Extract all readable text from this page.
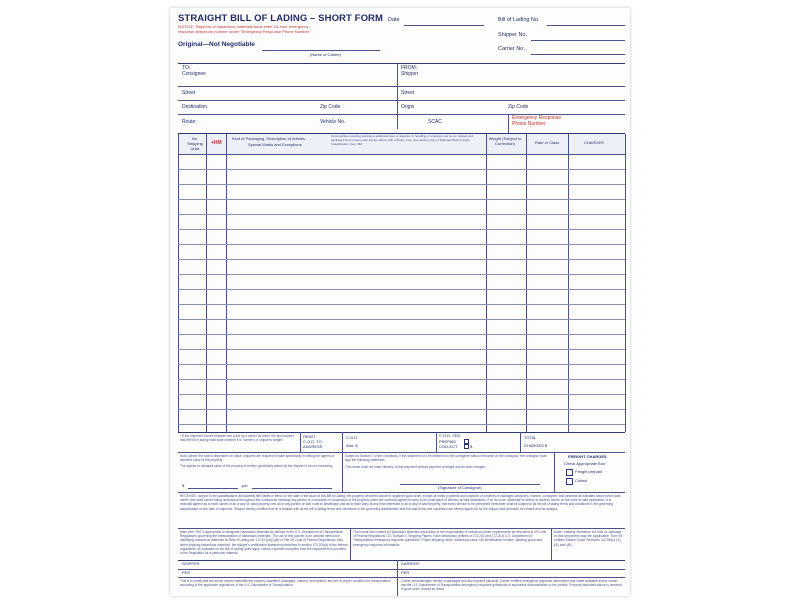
STRAIGHT BILL OF LADING – SHORT FORM
NOTICE: Shippers of hazardous materials must enter 24-hour emergency
response telephone number under "Emergency Response Phone Number."
Original—Not Negotiable
(Name of Carrier)
Date	Bill of Lading No.
Shipper No.
Carrier No.
TO:
Consignee
FROM:
Shipper
Street	Street
Destination	Zip Code	Origin	Zip Code
Route:	Vehicle No.	SCAC
Emergency Response
Phone Number
No. Shipping Units
+HM
Kind of Packaging, Description of Articles
Special Marks and Exceptions
Commodities requiring special or additional care or attention in handling or stowing must be so marked and packaged as to ensure safe transportation with ordinary care. See Section 2(e) of National Motor Freight Classification, Item 360.
Weight (Subject to Correction)	Rate or Class	CHARGES
* If the shipment moves between two ports by a carrier by water, the law requires that the bill of lading shall state whether it is "carrier's or shipper's weight".
REMIT
C.O.D. TO:
ADDRESS
C.O.D.
Amt. $
C.O.D. FEE:
PREPAID
COLLECT	$
TOTAL
CHARGES $
Note–Where the rate is dependent on value, shippers are required to state specifically in writing the agreed or declared value of the property.
The agreed or declared value of the property is hereby specifically stated by the shipper to be not exceeding
Subject to Section 7 of the conditions, if this shipment is to be delivered to the consignee without recourse on the consignor, the consignor shall sign the following statement:
The carrier shall not make delivery of this shipment without payment of freight and all other charges.
FREIGHT CHARGES
Check Appropriate Box:
Freight prepaid
Collect
$	per	(Signature of Consignor)
RECEIVED, subject to the classifications and lawfully filed tariffs in effect on the date of the issue of this Bill of Lading, the property described above in apparent good order, except as noted (contents and condition of contents of packages unknown), marked, consigned, and destined as indicated above which said carrier (the word carrier being understood throughout this contract as meaning any person or corporation in possession of the property under the contract) agrees to carry to its usual place of delivery at said destination, if on its route, otherwise to deliver to another carrier on the route to said destination. It is mutually agreed as to each carrier of all or any of, said property over all or any portion of said route to destination and as to each party at any time interested in all or any of said property, that every service to be performed hereunder shall be subject to all the bill of lading terms and conditions in the governing classification on the date of shipment. Shipper hereby certifies that he is familiar with all the bill of lading terms and conditions in the governing classification and the said terms and conditions are hereby agreed to by the shipper and accepted for himself and his assigns.
Mark with "HM" if appropriate to designate Hazardous Materials as defined in the U.S. Department of Transportation Regulations governing the transportation of hazardous materials. The use of this column is an optional method for identifying hazardous materials on Bills of Lading per 172.201(a)(1)(iii) of Title 49 Code of Federal Regulations. Also when shipping hazardous materials, the shipper's certification statement prescribed in section 172.204(a) of the federal regulations, as indicated on the Bill of Lading does apply, unless a specific exception from the requirement is provided in the Regulation for a particular material.
The format and content of Hazardous Materials description is the responsibility of individual carrier requirements as described in 49 Code of Federal Regulations 172, Subpart C Shipping Papers. Each description (entries of 172.201 and 172.202) U.S. Department of Transportation emergency response guidebook, Proper shipping name, hazardous class, UN identification number, packing group and emergency response information.
Note: Liability limitation for loss or damage in this shipment may be applicable. See 49 United States Code Sections 14706(c) (1)(A) and (B).
SHIPPER	CARRIER
PER	PER
This is to certify that the above named materials are properly classified, packaged, marked, and labeled, and are in proper condition for transportation according to the applicable regulations of the U.S. Department of Transportation.
Carrier acknowledges receipt of packages and any required placards. Carrier certifies emergency response information was made available and/or carrier has the U.S. Department of Transportation emergency response guidebook or equivalent documentation in the vehicle. Property described above is received in good order, except as noted.
